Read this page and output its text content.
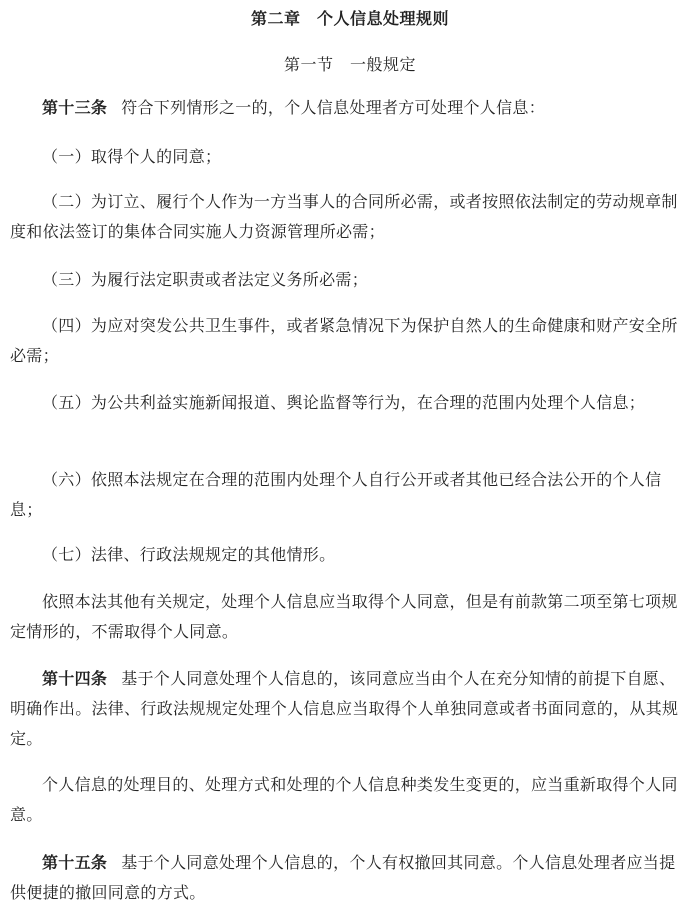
第二章　个人信息处理规则
第一节　一般规定

第十三条 符合下列情形之一的，个人信息处理者方可处理个人信息：

（一）取得个人的同意；

（二）为订立、履行个人作为一方当事人的合同所必需，或者按照依法制定的劳动规章制度和依法签订的集体合同实施人力资源管理所必需；

（三）为履行法定职责或者法定义务所必需；

（四）为应对突发公共卫生事件，或者紧急情况下为保护自然人的生命健康和财产安全所必需；

（五）为公共利益实施新闻报道、舆论监督等行为，在合理的范围内处理个人信息；

（六）依照本法规定在合理的范围内处理个人自行公开或者其他已经合法公开的个人信息；

（七）法律、行政法规规定的其他情形。

依照本法其他有关规定，处理个人信息应当取得个人同意，但是有前款第二项至第七项规定情形的，不需取得个人同意。

第十四条 基于个人同意处理个人信息的，该同意应当由个人在充分知情的前提下自愿、明确作出。法律、行政法规规定处理个人信息应当取得个人单独同意或者书面同意的，从其规定。

个人信息的处理目的、处理方式和处理的个人信息种类发生变更的，应当重新取得个人同意。

第十五条 基于个人同意处理个人信息的，个人有权撤回其同意。个人信息处理者应当提供便捷的撤回同意的方式。
